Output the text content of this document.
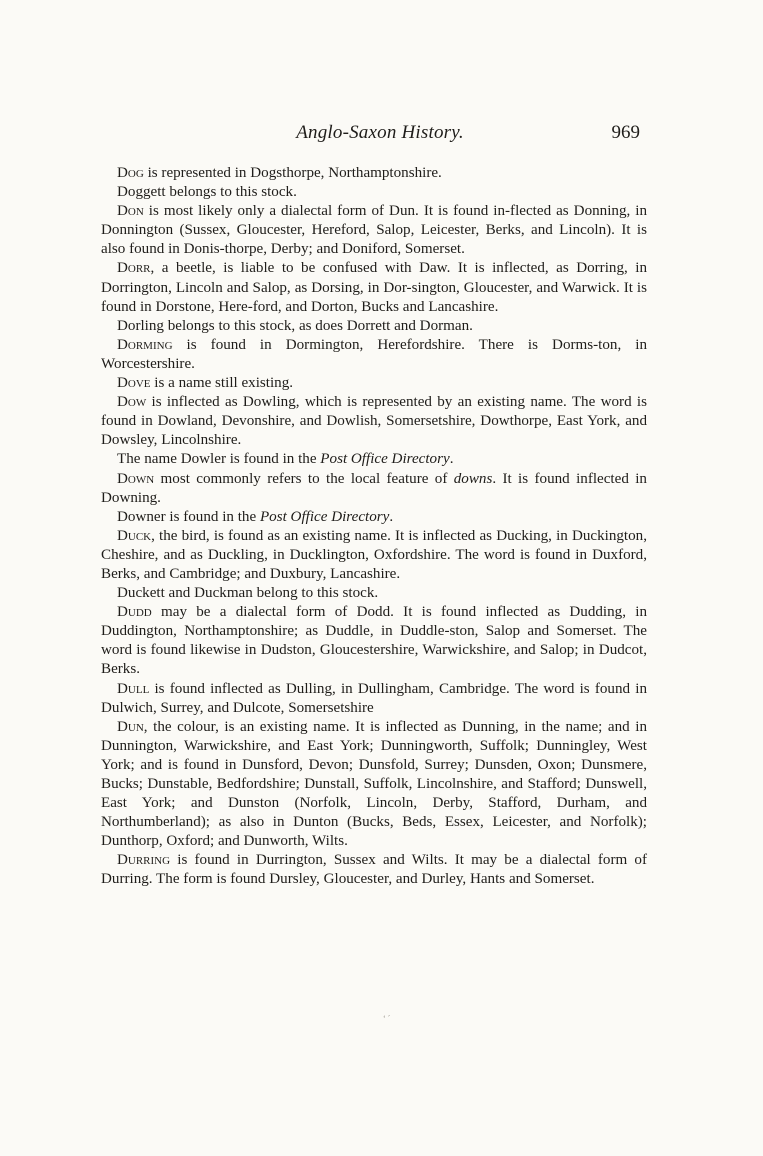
Anglo-Saxon History.	969

Dog is represented in Dogsthorpe, Northamptonshire.

Doggett belongs to this stock.

Don is most likely only a dialectal form of Dun. It is found in-flected as Donning, in Donnington (Sussex, Gloucester, Hereford, Salop, Leicester, Berks, and Lincoln). It is also found in Donis-thorpe, Derby; and Doniford, Somerset.

Dorr, a beetle, is liable to be confused with Daw. It is inflected, as Dorring, in Dorrington, Lincoln and Salop, as Dorsing, in Dor-sington, Gloucester, and Warwick. It is found in Dorstone, Here-ford, and Dorton, Bucks and Lancashire.

Dorling belongs to this stock, as does Dorrett and Dorman.

Dorming is found in Dormington, Herefordshire. There is Dorms-ton, in Worcestershire.

Dove is a name still existing.

Dow is inflected as Dowling, which is represented by an existing name. The word is found in Dowland, Devonshire, and Dowlish, Somersetshire, Dowthorpe, East York, and Dowsley, Lincolnshire.

The name Dowler is found in the Post Office Directory.

Down most commonly refers to the local feature of downs. It is found inflected in Downing.

Downer is found in the Post Office Directory.

Duck, the bird, is found as an existing name. It is inflected as Ducking, in Duckington, Cheshire, and as Duckling, in Ducklington, Oxfordshire. The word is found in Duxford, Berks, and Cambridge; and Duxbury, Lancashire.

Duckett and Duckman belong to this stock.

Dudd may be a dialectal form of Dodd. It is found inflected as Dudding, in Duddington, Northamptonshire; as Duddle, in Duddle-ston, Salop and Somerset. The word is found likewise in Dudston, Gloucestershire, Warwickshire, and Salop; in Dudcot, Berks.

Dull is found inflected as Dulling, in Dullingham, Cambridge. The word is found in Dulwich, Surrey, and Dulcote, Somersetshire

Dun, the colour, is an existing name. It is inflected as Dunning, in the name; and in Dunnington, Warwickshire, and East York; Dunningworth, Suffolk; Dunningley, West York; and is found in Dunsford, Devon; Dunsfold, Surrey; Dunsden, Oxon; Dunsmere, Bucks; Dunstable, Bedfordshire; Dunstall, Suffolk, Lincolnshire, and Stafford; Dunswell, East York; and Dunston (Norfolk, Lincoln, Derby, Stafford, Durham, and Northumberland); as also in Dunton (Bucks, Beds, Essex, Leicester, and Norfolk); Dunthorp, Oxford; and Dunworth, Wilts.

Durring is found in Durrington, Sussex and Wilts. It may be a dialectal form of Durring. The form is found Dursley, Gloucester, and Durley, Hants and Somerset.

ʻ ˊ
